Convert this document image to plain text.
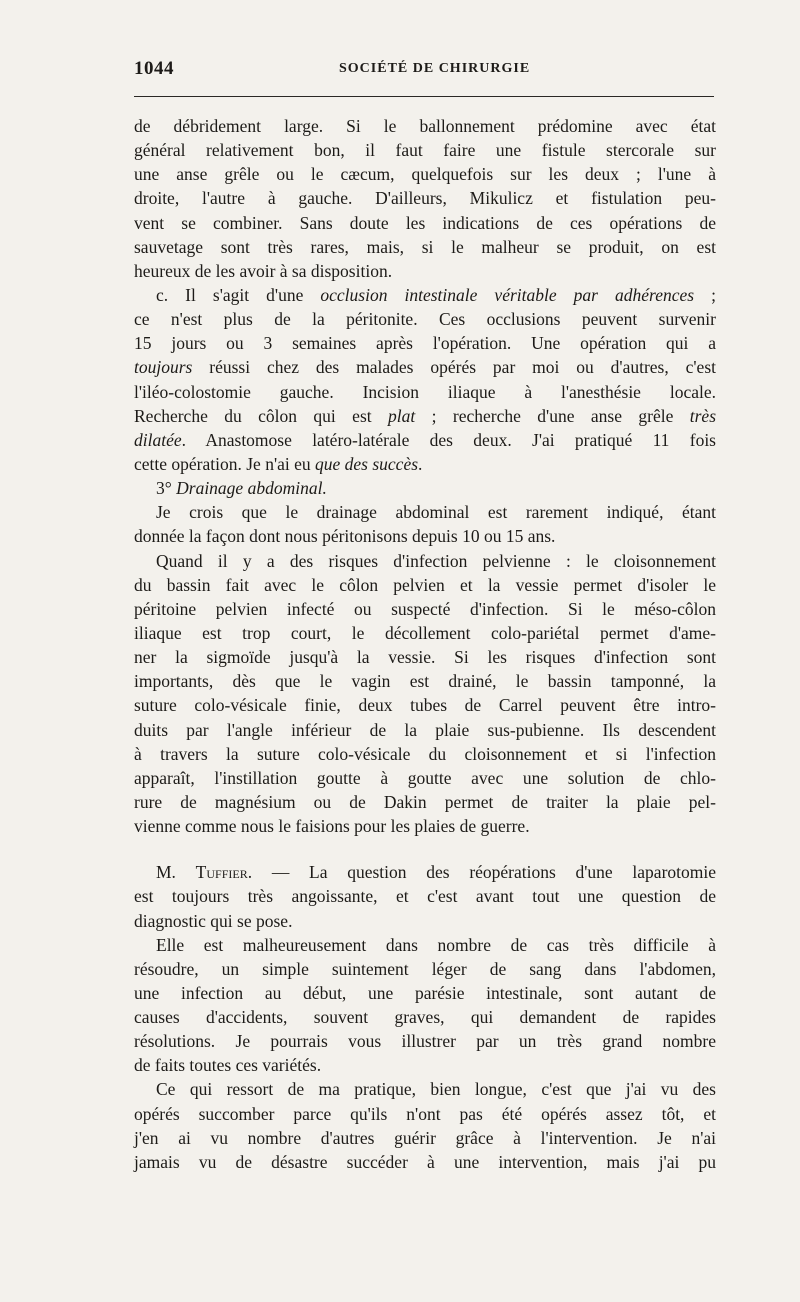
1044	SOCIÉTÉ DE CHIRURGIE
de débridement large. Si le ballonnement prédomine avec état
général relativement bon, il faut faire une fistule stercorale sur
une anse grêle ou le cæcum, quelquefois sur les deux ; l'une à
droite, l'autre à gauche. D'ailleurs, Mikulicz et fistulation peu-
vent se combiner. Sans doute les indications de ces opérations de
sauvetage sont très rares, mais, si le malheur se produit, on est
heureux de les avoir à sa disposition.
c. Il s'agit d'une occlusion intestinale véritable par adhérences ;
ce n'est plus de la péritonite. Ces occlusions peuvent survenir
15 jours ou 3 semaines après l'opération. Une opération qui a
toujours réussi chez des malades opérés par moi ou d'autres, c'est
l'iléo-colostomie gauche. Incision iliaque à l'anesthésie locale.
Recherche du côlon qui est plat ; recherche d'une anse grêle très
dilatée. Anastomose latéro-latérale des deux. J'ai pratiqué 11 fois
cette opération. Je n'ai eu que des succès.
3° Drainage abdominal.
Je crois que le drainage abdominal est rarement indiqué, étant
donnée la façon dont nous péritonisons depuis 10 ou 15 ans.
Quand il y a des risques d'infection pelvienne : le cloisonnement
du bassin fait avec le côlon pelvien et la vessie permet d'isoler le
péritoine pelvien infecté ou suspecté d'infection. Si le méso-côlon
iliaque est trop court, le décollement colo-pariétal permet d'ame-
ner la sigmoïde jusqu'à la vessie. Si les risques d'infection sont
importants, dès que le vagin est drainé, le bassin tamponné, la
suture colo-vésicale finie, deux tubes de Carrel peuvent être intro-
duits par l'angle inférieur de la plaie sus-pubienne. Ils descendent
à travers la suture colo-vésicale du cloisonnement et si l'infection
apparaît, l'instillation goutte à goutte avec une solution de chlo-
rure de magnésium ou de Dakin permet de traiter la plaie pel-
vienne comme nous le faisions pour les plaies de guerre.
M. Tuffier. — La question des réopérations d'une laparotomie
est toujours très angoissante, et c'est avant tout une question de
diagnostic qui se pose.
Elle est malheureusement dans nombre de cas très difficile à
résoudre, un simple suintement léger de sang dans l'abdomen,
une infection au début, une parésie intestinale, sont autant de
causes d'accidents, souvent graves, qui demandent de rapides
résolutions. Je pourrais vous illustrer par un très grand nombre
de faits toutes ces variétés.
Ce qui ressort de ma pratique, bien longue, c'est que j'ai vu des
opérés succomber parce qu'ils n'ont pas été opérés assez tôt, et
j'en ai vu nombre d'autres guérir grâce à l'intervention. Je n'ai
jamais vu de désastre succéder à une intervention, mais j'ai pu
